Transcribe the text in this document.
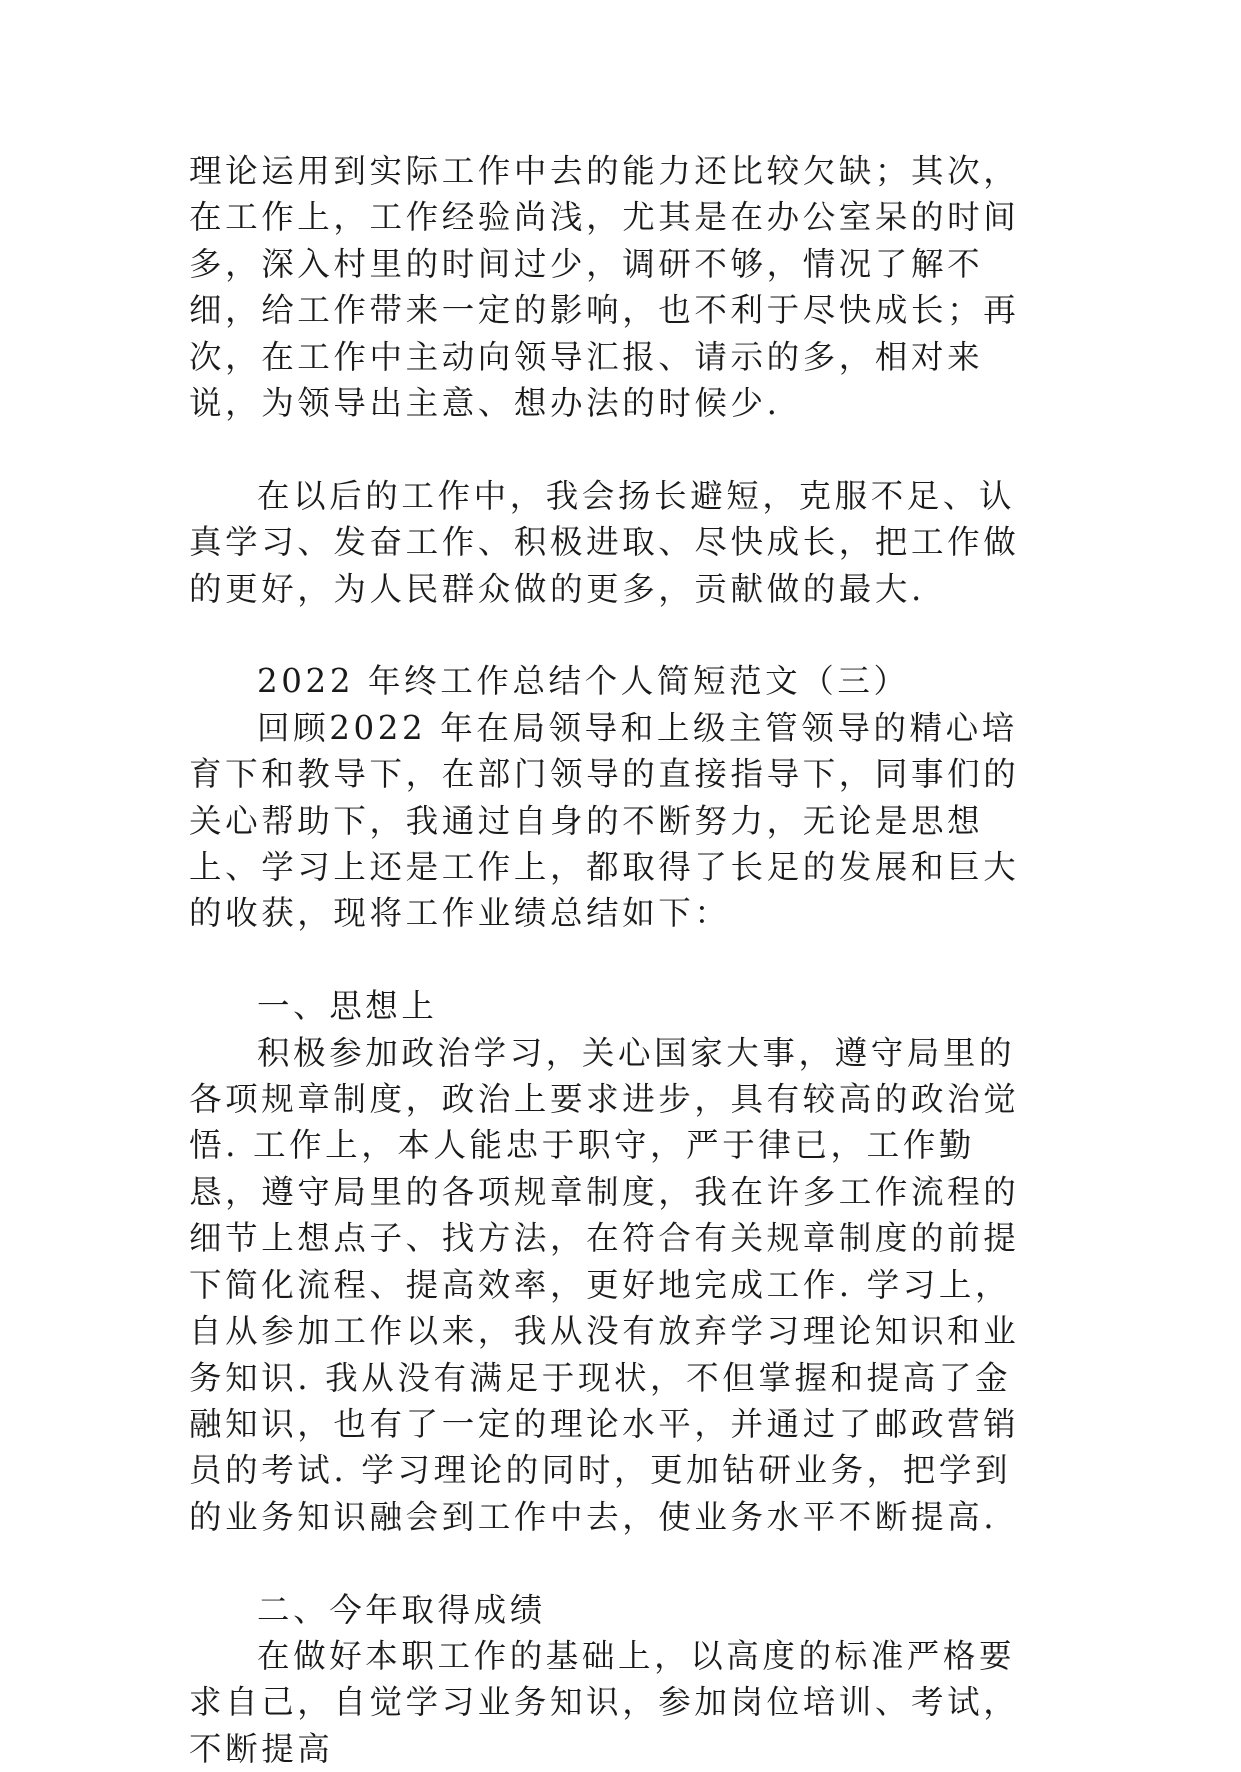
理论运用到实际工作中去的能力还比较欠缺；其次，在工作上，工作经验尚浅，尤其是在办公室呆的时间多，深入村里的时间过少，调研不够，情况了解不细，给工作带来一定的影响，也不利于尽快成长；再次，在工作中主动向领导汇报、请示的多，相对来说，为领导出主意、想办法的时候少.

在以后的工作中，我会扬长避短，克服不足、认真学习、发奋工作、积极进取、尽快成长，把工作做的更好，为人民群众做的更多，贡献做的最大.

2022 年终工作总结个人简短范文（三）

回顾2022 年在局领导和上级主管领导的精心培育下和教导下，在部门领导的直接指导下，同事们的关心帮助下，我通过自身的不断努力，无论是思想上、学习上还是工作上，都取得了长足的发展和巨大的收获，现将工作业绩总结如下：

一、思想上

积极参加政治学习，关心国家大事，遵守局里的各项规章制度，政治上要求进步，具有较高的政治觉悟. 工作上，本人能忠于职守，严于律已，工作勤恳，遵守局里的各项规章制度，我在许多工作流程的细节上想点子、找方法，在符合有关规章制度的前提下简化流程、提高效率，更好地完成工作. 学习上，自从参加工作以来，我从没有放弃学习理论知识和业务知识. 我从没有满足于现状，不但掌握和提高了金融知识，也有了一定的理论水平，并通过了邮政营销员的考试. 学习理论的同时，更加钻研业务，把学到的业务知识融会到工作中去，使业务水平不断提高.

二、今年取得成绩

在做好本职工作的基础上，以高度的标准严格要求自己，自觉学习业务知识，参加岗位培训、考试，不断提高
